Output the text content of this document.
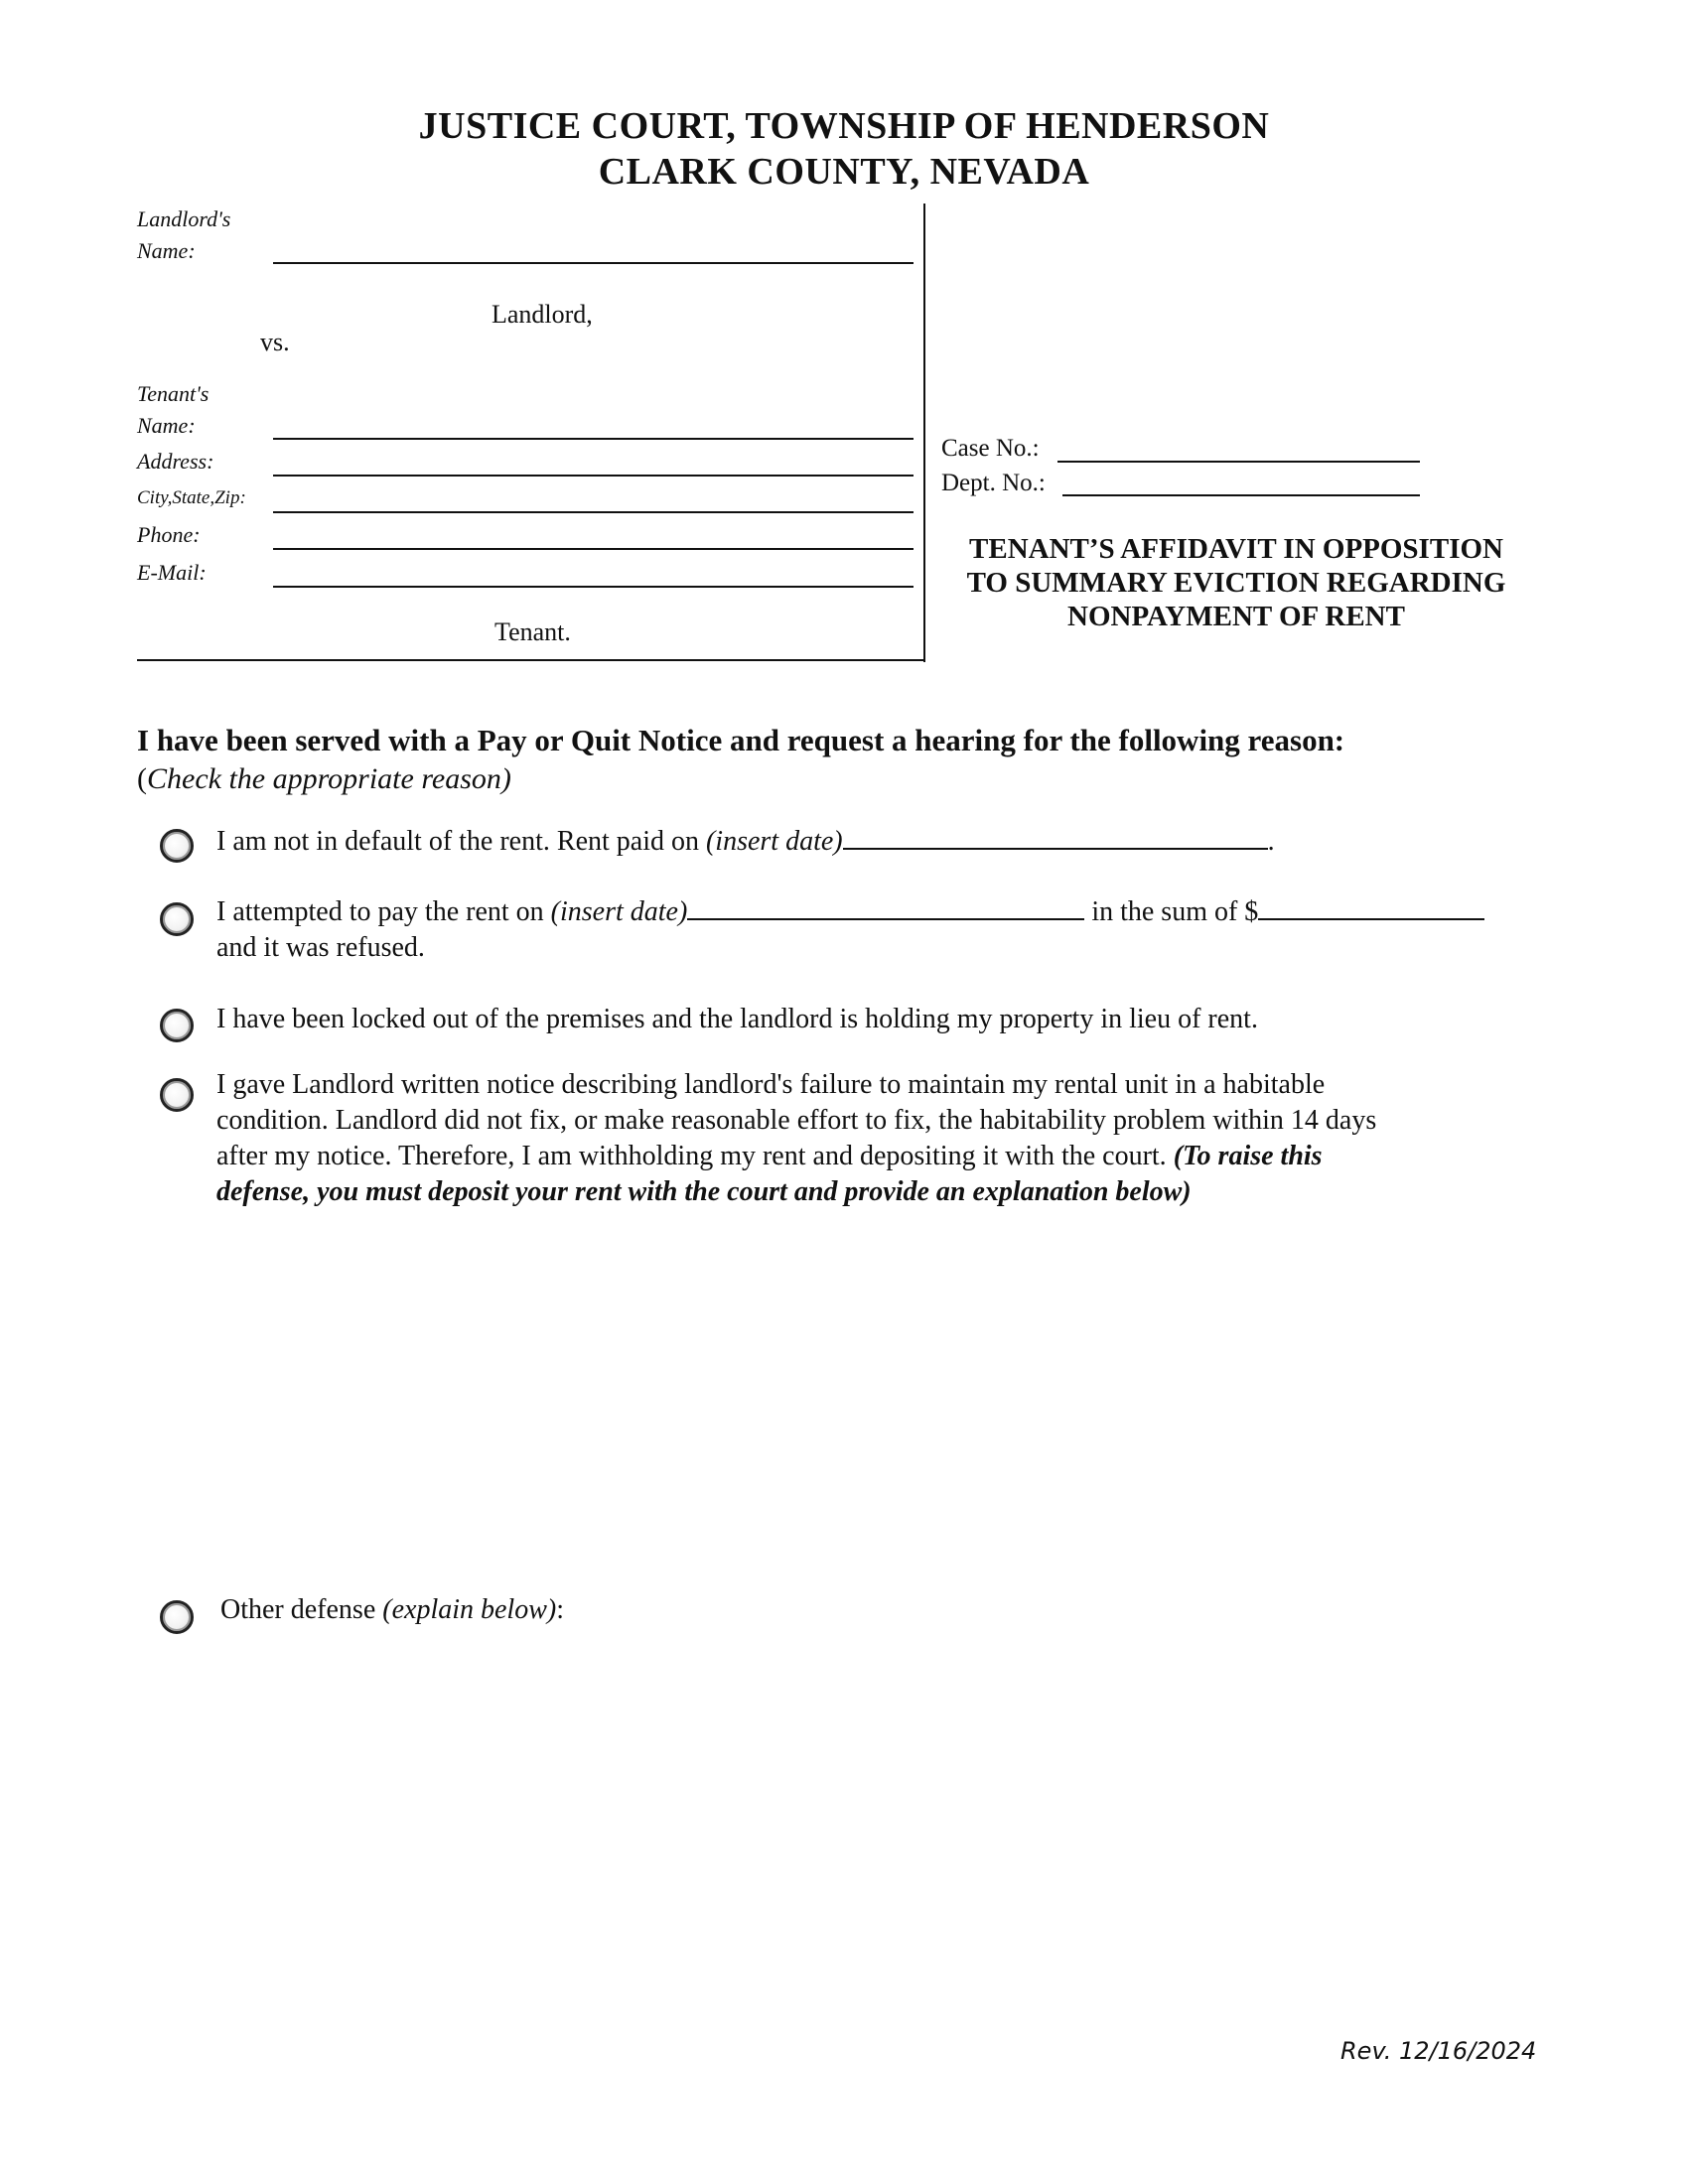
JUSTICE COURT, TOWNSHIP OF HENDERSON
CLARK COUNTY, NEVADA
Landlord's
Name:
Landlord,
vs.
Tenant's
Name:
Address:
City,State,Zip:
Phone:
E-Mail:
Tenant.
Case No.:
Dept. No.:
TENANT’S AFFIDAVIT IN OPPOSITION
TO SUMMARY EVICTION REGARDING
NONPAYMENT OF RENT
I have been served with a Pay or Quit Notice and request a hearing for the following reason:
(Check the appropriate reason)
I am not in default of the rent. Rent paid on (insert date)	.
I attempted to pay the rent on (insert date)	in the sum of $
and it was refused.
I have been locked out of the premises and the landlord is holding my property in lieu of rent.
I gave Landlord written notice describing landlord's failure to maintain my rental unit in a habitable
condition. Landlord did not fix, or make reasonable effort to fix, the habitability problem within 14 days
after my notice. Therefore, I am withholding my rent and depositing it with the court. (To raise this
defense, you must deposit your rent with the court and provide an explanation below)
Other defense (explain below):
Rev. 12/16/2024
